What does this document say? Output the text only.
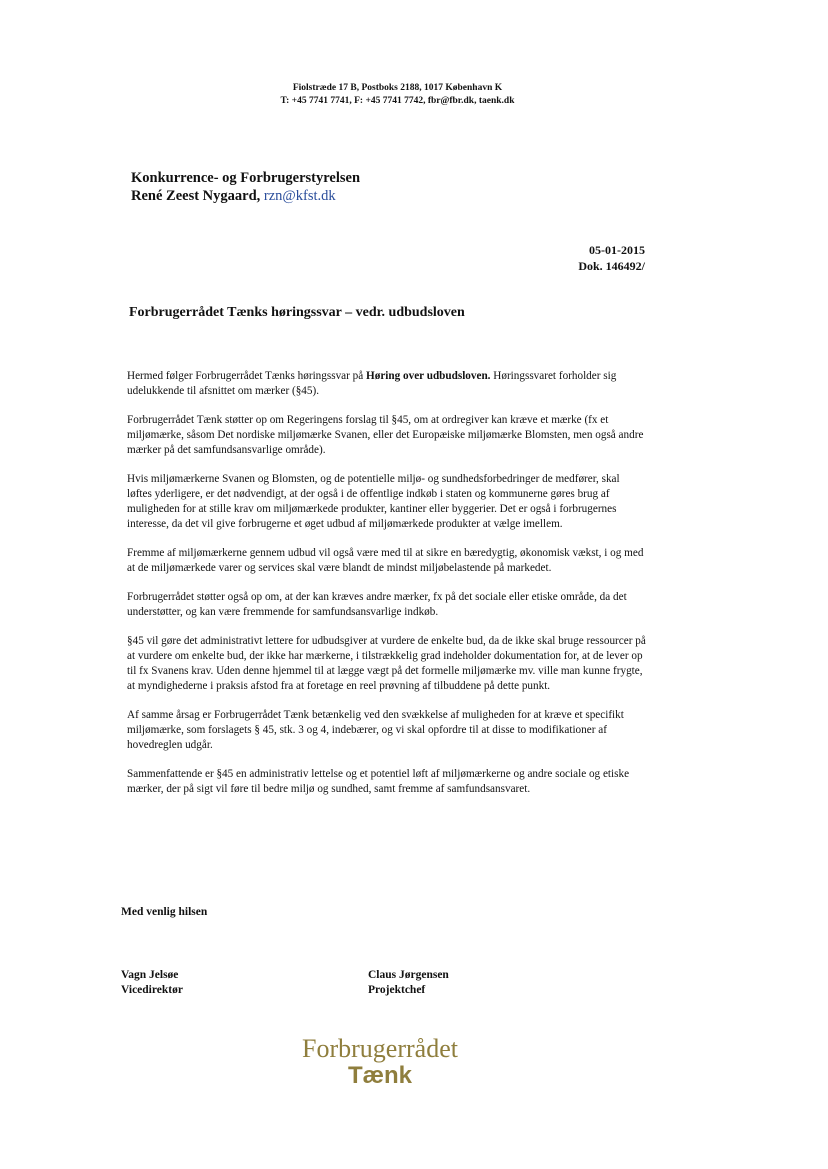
Fiolstræde 17 B, Postboks 2188, 1017 København K
T: +45 7741 7741, F: +45 7741 7742, fbr@fbr.dk, taenk.dk
Konkurrence- og Forbrugerstyrelsen
René Zeest Nygaard, rzn@kfst.dk
05-01-2015
Dok. 146492/
Forbrugerrådet Tænks høringssvar – vedr. udbudsloven

Hermed følger Forbrugerrådet Tænks høringssvar på Høring over udbudsloven. Høringssvaret forholder sig udelukkende til afsnittet om mærker (§45).

Forbrugerrådet Tænk støtter op om Regeringens forslag til §45, om at ordregiver kan kræve et mærke (fx et miljømærke, såsom Det nordiske miljømærke Svanen, eller det Europæiske miljømærke Blomsten, men også andre mærker på det samfundsansvarlige område).

Hvis miljømærkerne Svanen og Blomsten, og de potentielle miljø- og sundhedsforbedringer de medfører, skal løftes yderligere, er det nødvendigt, at der også i de offentlige indkøb i staten og kommunerne gøres brug af muligheden for at stille krav om miljømærkede produkter, kantiner eller byggerier. Det er også i forbrugernes interesse, da det vil give forbrugerne et øget udbud af miljømærkede produkter at vælge imellem.

Fremme af miljømærkerne gennem udbud vil også være med til at sikre en bæredygtig, økonomisk vækst, i og med at de miljømærkede varer og services skal være blandt de mindst miljøbelastende på markedet.

Forbrugerrådet støtter også op om, at der kan kræves andre mærker, fx på det sociale eller etiske område, da det understøtter, og kan være fremmende for samfundsansvarlige indkøb.

§45 vil gøre det administrativt lettere for udbudsgiver at vurdere de enkelte bud, da de ikke skal bruge ressourcer på at vurdere om enkelte bud, der ikke har mærkerne, i tilstrækkelig grad indeholder dokumentation for, at de lever op til fx Svanens krav. Uden denne hjemmel til at lægge vægt på det formelle miljømærke mv. ville man kunne frygte, at myndighederne i praksis afstod fra at foretage en reel prøvning af tilbuddene på dette punkt.

Af samme årsag er Forbrugerrådet Tænk betænkelig ved den svækkelse af muligheden for at kræve et specifikt miljømærke, som forslagets § 45, stk. 3 og 4, indebærer, og vi skal opfordre til at disse to modifikationer af hovedreglen udgår.

Sammenfattende er §45 en administrativ lettelse og et potentiel løft af miljømærkerne og andre sociale og etiske mærker, der på sigt vil føre til bedre miljø og sundhed, samt fremme af samfundsansvaret.

Med venlig hilsen
Vagn Jelsøe
Vicedirektør
Claus Jørgensen
Projektchef
Forbrugerrådet
Tænk
